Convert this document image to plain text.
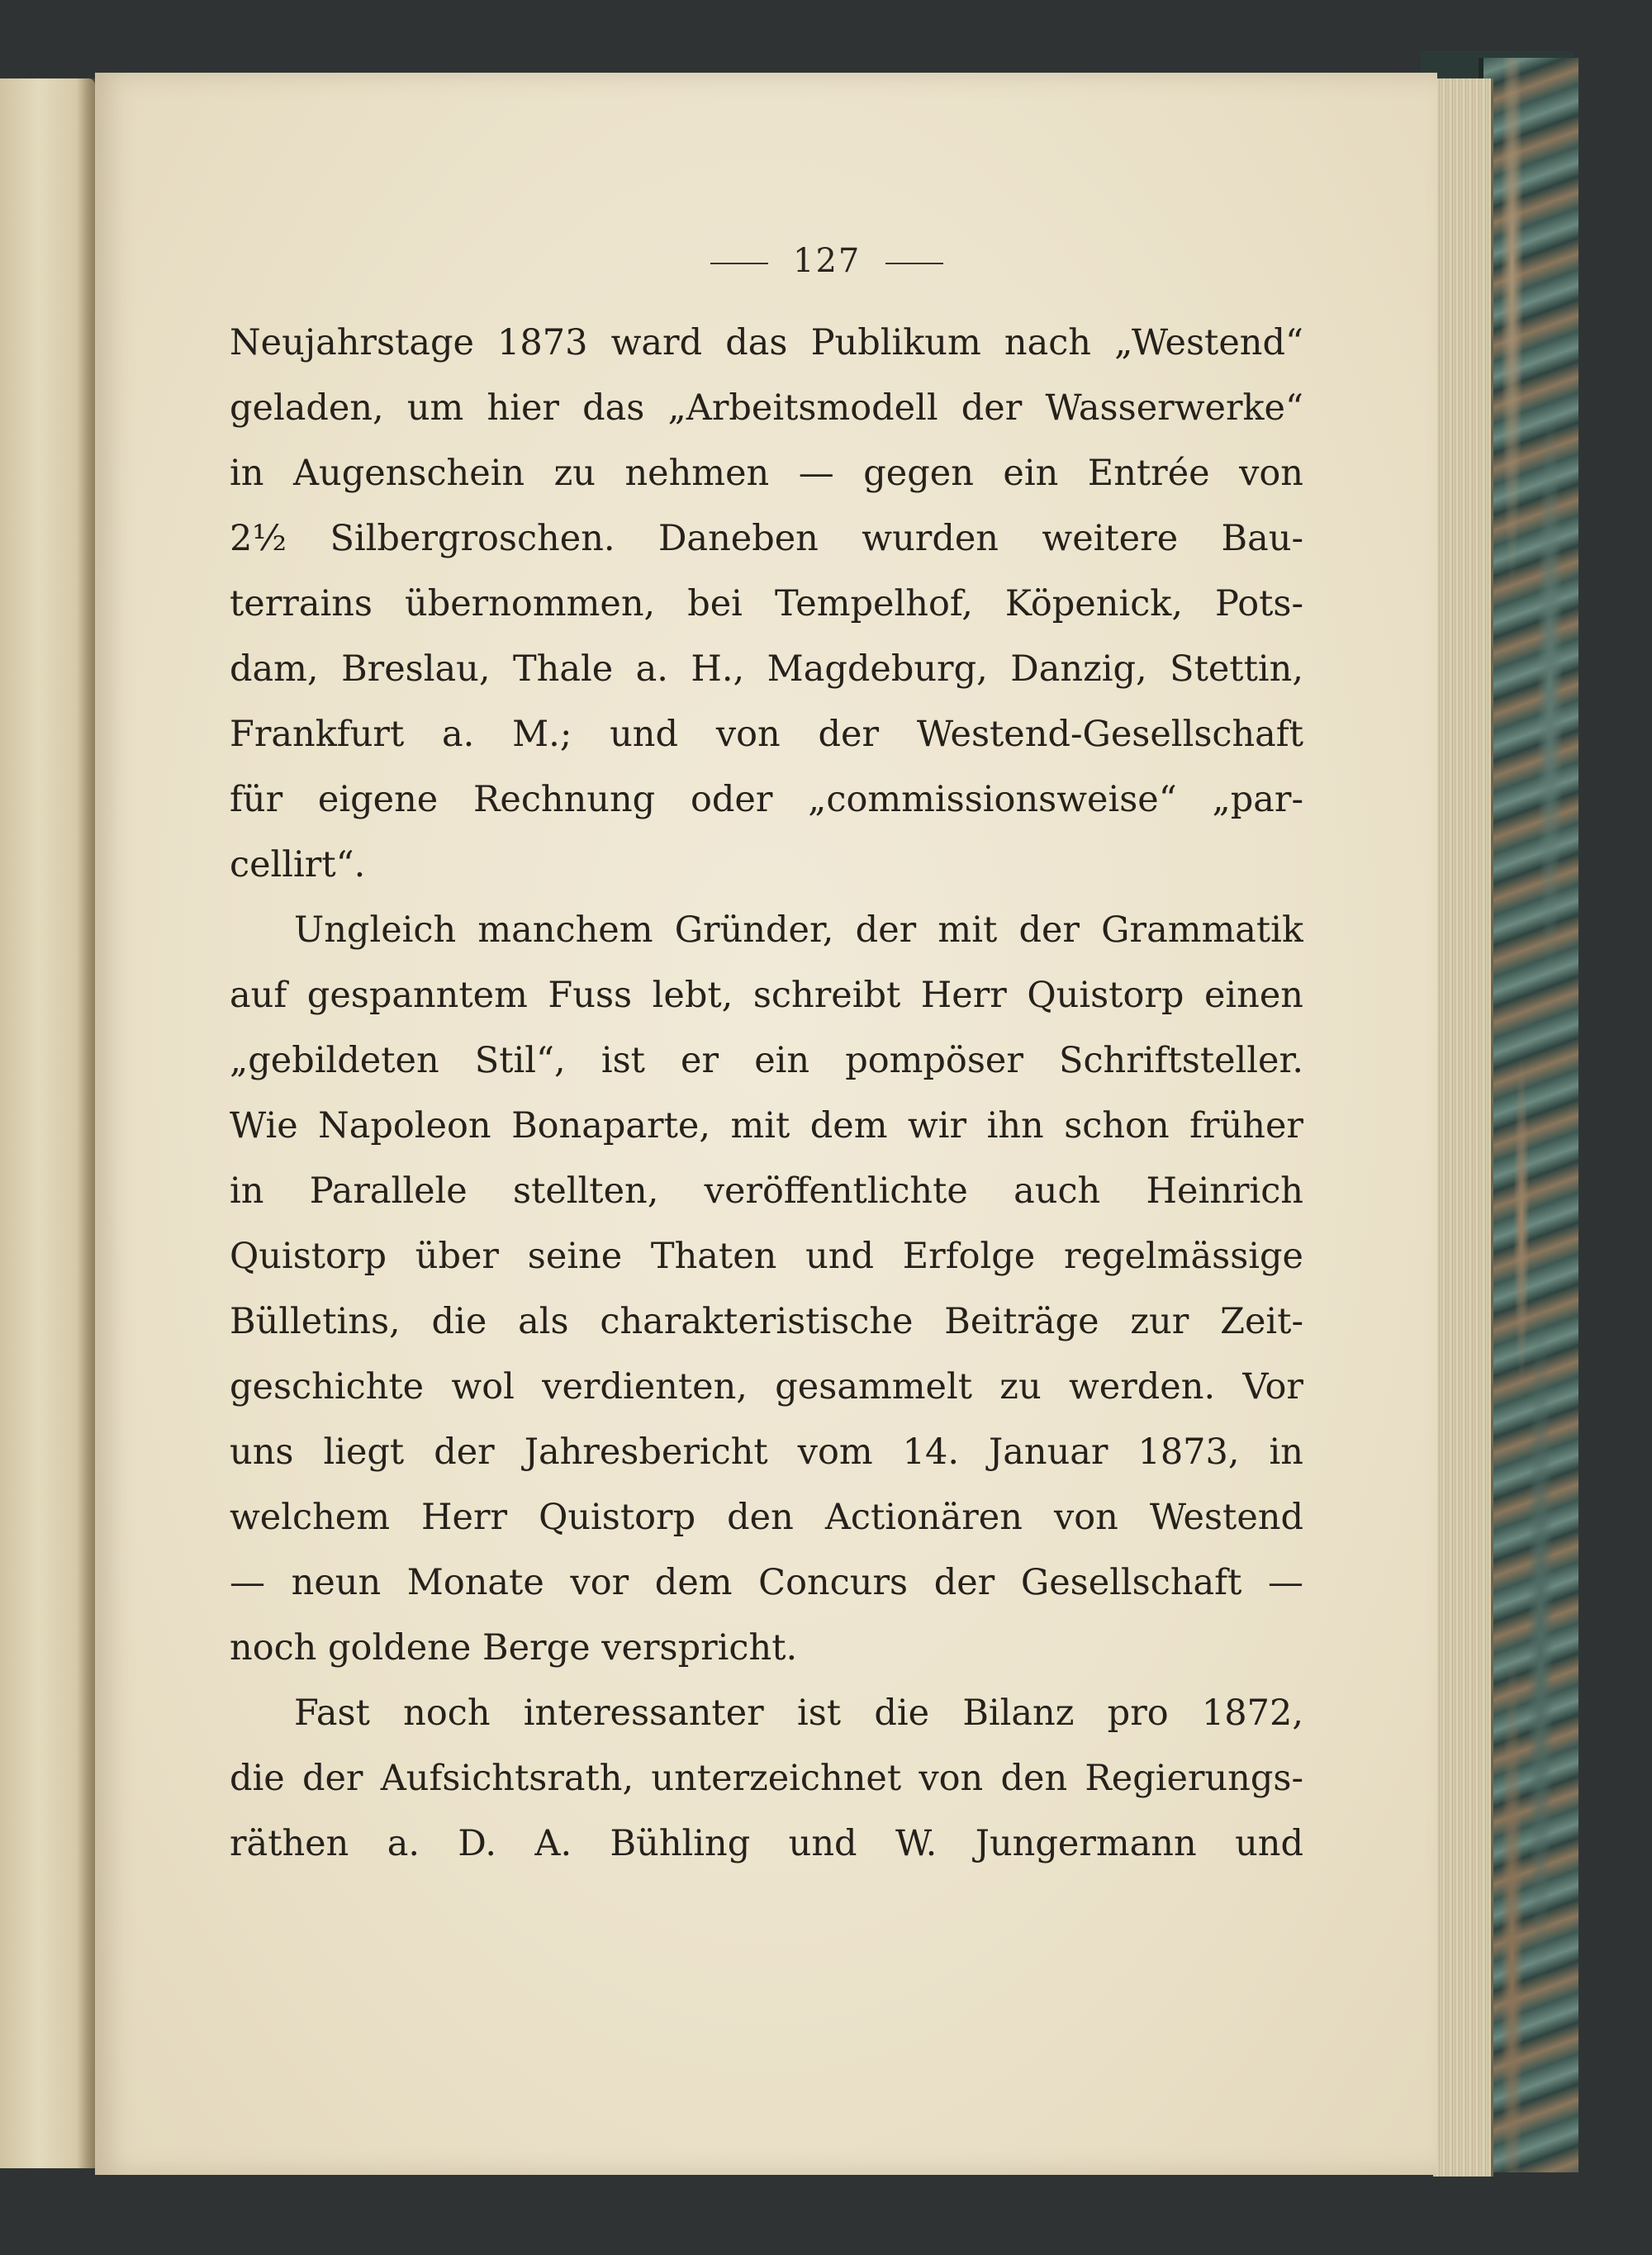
127
Neujahrstage 1873 ward das Publikum nach „Westend“
geladen, um hier das „Arbeitsmodell der Wasserwerke“
in Augenschein zu nehmen — gegen ein Entrée von
2½ Silbergroschen. Daneben wurden weitere Bau-
terrains übernommen, bei Tempelhof, Köpenick, Pots-
dam, Breslau, Thale a. H., Magdeburg, Danzig, Stettin,
Frankfurt a. M.; und von der Westend-Gesellschaft
für eigene Rechnung oder „commissionsweise“ „par-
cellirt“.
Ungleich manchem Gründer, der mit der Grammatik
auf gespanntem Fuss lebt, schreibt Herr Quistorp einen
„gebildeten Stil“, ist er ein pompöser Schriftsteller.
Wie Napoleon Bonaparte, mit dem wir ihn schon früher
in Parallele stellten, veröffentlichte auch Heinrich
Quistorp über seine Thaten und Erfolge regelmässige
Bülletins, die als charakteristische Beiträge zur Zeit-
geschichte wol verdienten, gesammelt zu werden. Vor
uns liegt der Jahresbericht vom 14. Januar 1873, in
welchem Herr Quistorp den Actionären von Westend
— neun Monate vor dem Concurs der Gesellschaft —
noch goldene Berge verspricht.
Fast noch interessanter ist die Bilanz pro 1872,
die der Aufsichtsrath, unterzeichnet von den Regierungs-
räthen a. D. A. Bühling und W. Jungermann und
